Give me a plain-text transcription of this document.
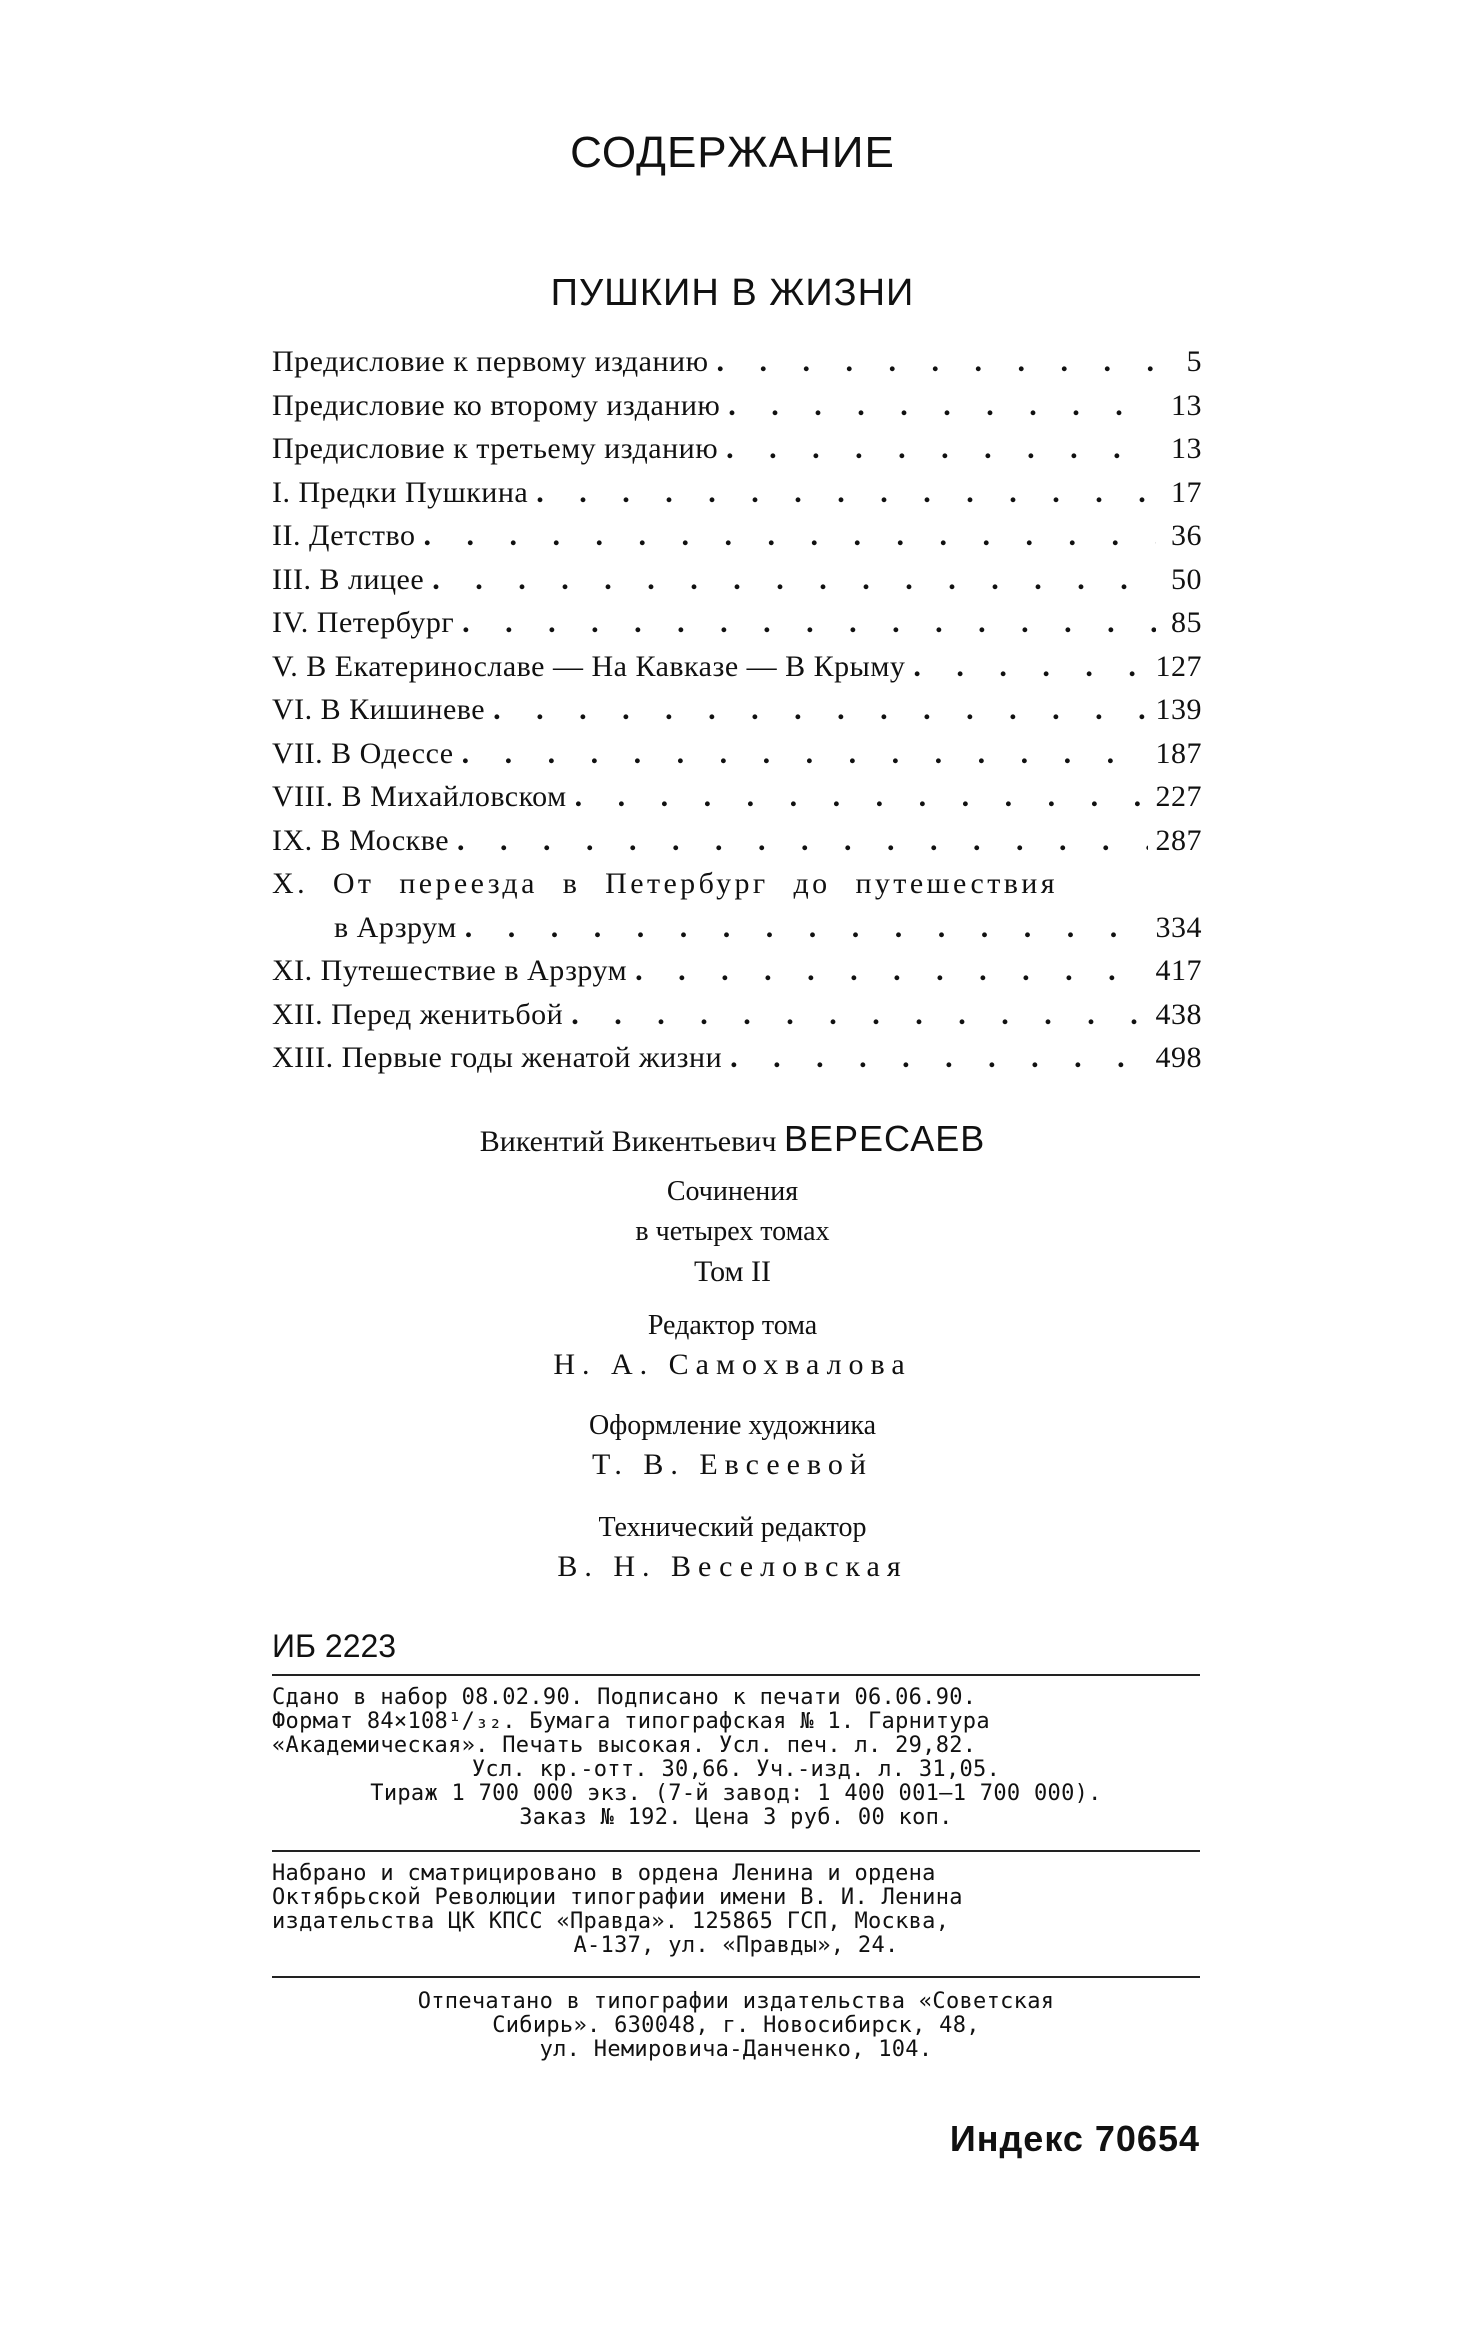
СОДЕРЖАНИЕ
ПУШКИН В ЖИЗНИ
Предисловие к первому изданию . . .	5
Предисловие ко второму изданию . . .	13
Предисловие к третьему изданию . . .	13
I. Предки Пушкина . . .	17
II. Детство . . .	36
III. В лицее . . .	50
IV. Петербург . . .	85
V. В Екатеринославе — На Кавказе — В Крыму . . .	127
VI. В Кишиневе . . .	139
VII. В Одессе . . .	187
VIII. В Михайловском . . .	227
IX. В Москве . . .	287
X. От переезда в Петербург до путешествия
в Арзрум . . .	334
XI. Путешествие в Арзрум . . .	417
XII. Перед женитьбой . . .	438
XIII. Первые годы женатой жизни . . .	498
Викентий Викентьевич ВЕРЕСАЕВ
Сочинения
в четырех томах
Том II
Редактор тома
Н. А. Самохвалова
Оформление художника
Т. В. Евсеевой
Технический редактор
В. Н. Веселовская
ИБ 2223
Сдано в набор 08.02.90. Подписано к печати 06.06.90.
Формат 84×108¹/₃₂. Бумага типографская № 1. Гарнитура
«Академическая». Печать высокая. Усл. печ. л. 29,82.
Усл. кр.-отт. 30,66. Уч.-изд. л. 31,05.
Тираж 1 700 000 экз. (7-й завод: 1 400 001—1 700 000).
Заказ № 192. Цена 3 руб. 00 коп.
Набрано и сматрицировано в ордена Ленина и ордена
Октябрьской Революции типографии имени В. И. Ленина
издательства ЦК КПСС «Правда». 125865 ГСП, Москва,
А-137, ул. «Правды», 24.
Отпечатано в типографии издательства «Советская
Сибирь». 630048, г. Новосибирск, 48,
ул. Немировича-Данченко, 104.
Индекс 70654
